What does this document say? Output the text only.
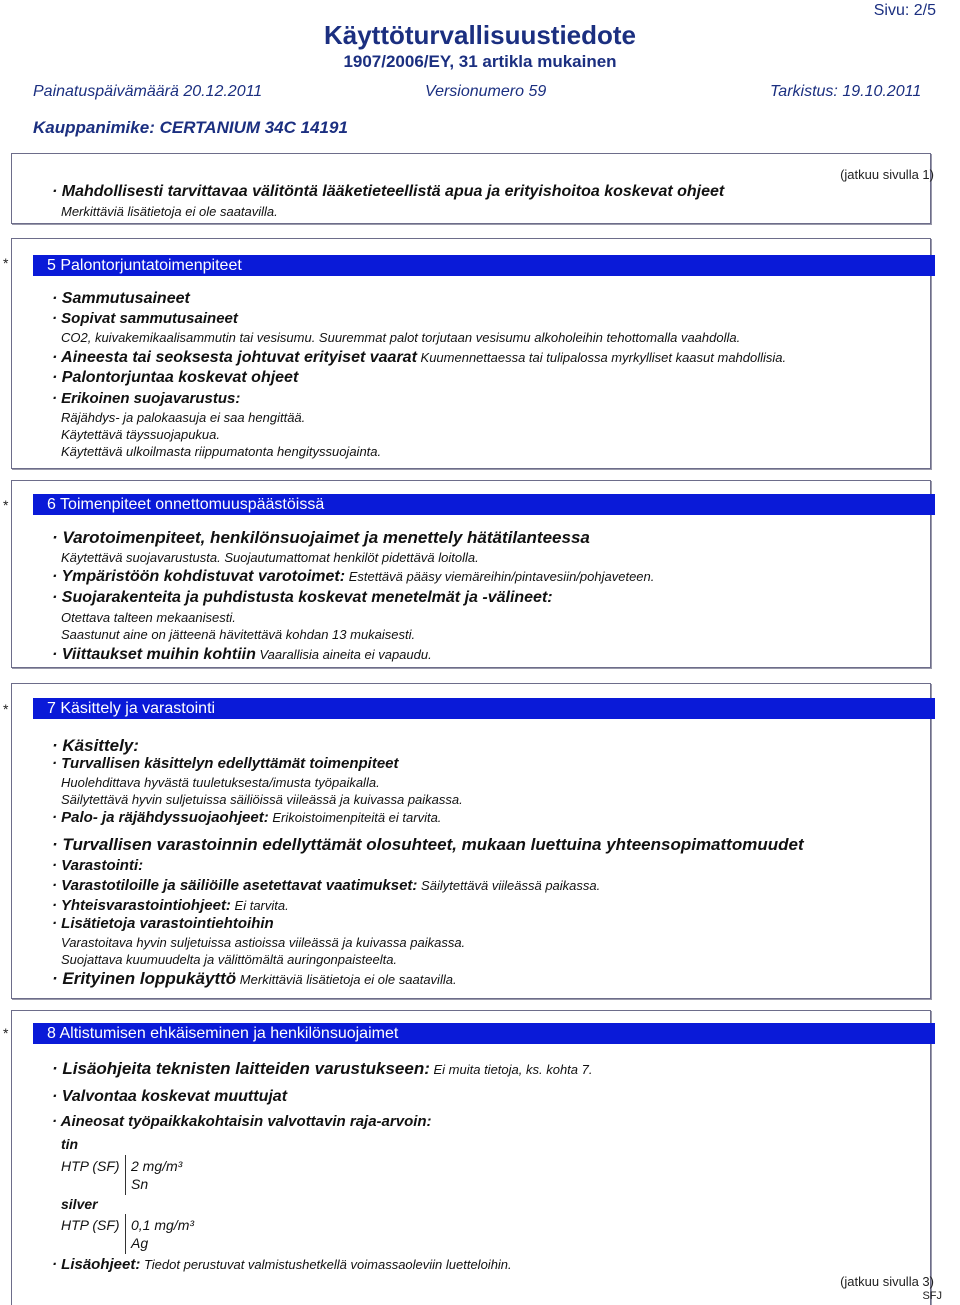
Sivu: 2/5
Käyttöturvallisuustiedote
1907/2006/EY, 31 artikla mukainen
Painatuspäivämäärä 20.12.2011	Versionumero 59	Tarkistus: 19.10.2011
Kauppanimike: CERTANIUM 34C 14191
(jatkuu sivulla 1)
· Mahdollisesti tarvittavaa välitöntä lääketieteellistä apua ja erityishoitoa koskevat ohjeet
Merkittäviä lisätietoja ei ole saatavilla.
*	5 Palontorjuntatoimenpiteet
· Sammutusaineet
· Sopivat sammutusaineet
CO2, kuivakemikaalisammutin tai vesisumu. Suuremmat palot torjutaan vesisumu alkoholeihin tehottomalla vaahdolla.
· Aineesta tai seoksesta johtuvat erityiset vaarat Kuumennettaessa tai tulipalossa myrkylliset kaasut mahdollisia.
· Palontorjuntaa koskevat ohjeet
· Erikoinen suojavarustus:
Räjähdys- ja palokaasuja ei saa hengittää.
Käytettävä täyssuojapukua.
Käytettävä ulkoilmasta riippumatonta hengityssuojainta.
*	6 Toimenpiteet onnettomuuspäästöissä
· Varotoimenpiteet, henkilönsuojaimet ja menettely hätätilanteessa
Käytettävä suojavarustusta. Suojautumattomat henkilöt pidettävä loitolla.
· Ympäristöön kohdistuvat varotoimet: Estettävä pääsy viemäreihin/pintavesiin/pohjaveteen.
· Suojarakenteita ja puhdistusta koskevat menetelmät ja -välineet:
Otettava talteen mekaanisesti.
Saastunut aine on jätteenä hävitettävä kohdan 13 mukaisesti.
· Viittaukset muihin kohtiin Vaarallisia aineita ei vapaudu.
*	7 Käsittely ja varastointi
· Käsittely:
· Turvallisen käsittelyn edellyttämät toimenpiteet
Huolehdittava hyvästä tuuletuksesta/imusta työpaikalla.
Säilytettävä hyvin suljetuissa säiliöissä viileässä ja kuivassa paikassa.
· Palo- ja räjähdyssuojaohjeet: Erikoistoimenpiteitä ei tarvita.
· Turvallisen varastoinnin edellyttämät olosuhteet, mukaan luettuina yhteensopimattomuudet
· Varastointi:
· Varastotiloille ja säiliöille asetettavat vaatimukset: Säilytettävä viileässä paikassa.
· Yhteisvarastointiohjeet: Ei tarvita.
· Lisätietoja varastointiehtoihin
Varastoitava hyvin suljetuissa astioissa viileässä ja kuivassa paikassa.
Suojattava kuumuudelta ja välittömältä auringonpaisteelta.
· Erityinen loppukäyttö Merkittäviä lisätietoja ei ole saatavilla.
*	8 Altistumisen ehkäiseminen ja henkilönsuojaimet
· Lisäohjeita teknisten laitteiden varustukseen: Ei muita tietoja, ks. kohta 7.
· Valvontaa koskevat muuttujat
· Aineosat työpaikkakohtaisin valvottavin raja-arvoin:
tin
HTP (SF) 2 mg/m³
Sn
silver
HTP (SF) 0,1 mg/m³
Ag
· Lisäohjeet: Tiedot perustuvat valmistushetkellä voimassaoleviin luetteloihin.
(jatkuu sivulla 3)
SFJ
